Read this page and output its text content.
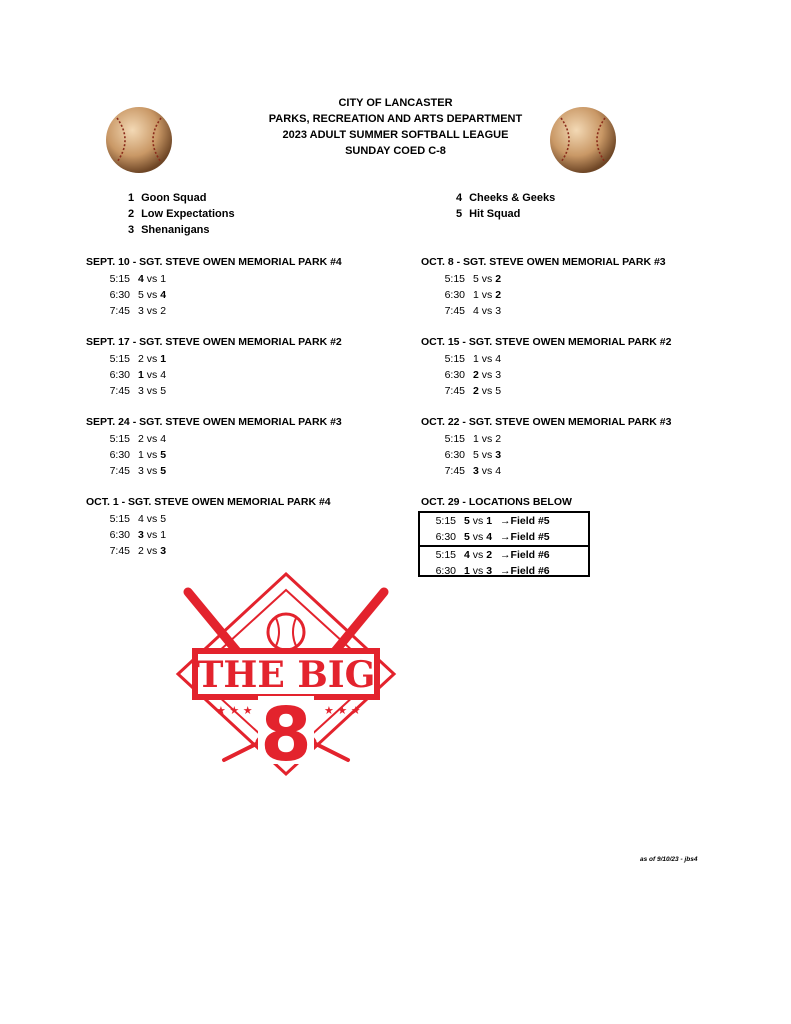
CITY OF LANCASTER
PARKS, RECREATION AND ARTS DEPARTMENT
2023 ADULT SUMMER SOFTBALL LEAGUE
SUNDAY COED C-8
1 Goon Squad
2 Low Expectations
3 Shenanigans
4 Cheeks & Geeks
5 Hit Squad
SEPT. 10 - SGT. STEVE OWEN MEMORIAL PARK #4
5:15 4 vs 1
6:30 5 vs 4
7:45 3 vs 2
SEPT. 17 - SGT. STEVE OWEN MEMORIAL PARK #2
5:15 2 vs 1
6:30 1 vs 4
7:45 3 vs 5
SEPT. 24 - SGT. STEVE OWEN MEMORIAL PARK #3
5:15 2 vs 4
6:30 1 vs 5
7:45 3 vs 5
OCT. 1 - SGT. STEVE OWEN MEMORIAL PARK #4
5:15 4 vs 5
6:30 3 vs 1
7:45 2 vs 3
OCT. 8 - SGT. STEVE OWEN MEMORIAL PARK #3
5:15 5 vs 2
6:30 1 vs 2
7:45 4 vs 3
OCT. 15 - SGT. STEVE OWEN MEMORIAL PARK #2
5:15 1 vs 4
6:30 2 vs 3
7:45 2 vs 5
OCT. 22 - SGT. STEVE OWEN MEMORIAL PARK #3
5:15 1 vs 2
6:30 5 vs 3
7:45 3 vs 4
OCT. 29 - LOCATIONS BELOW
5:15 5 vs 1 →Field #5
6:30 5 vs 4 →Field #5
5:15 4 vs 2 →Field #6
6:30 1 vs 3 →Field #6
THE BIG
★ ★ ★	★ ★ ★
8
as of 9/10/23 - jbs4
